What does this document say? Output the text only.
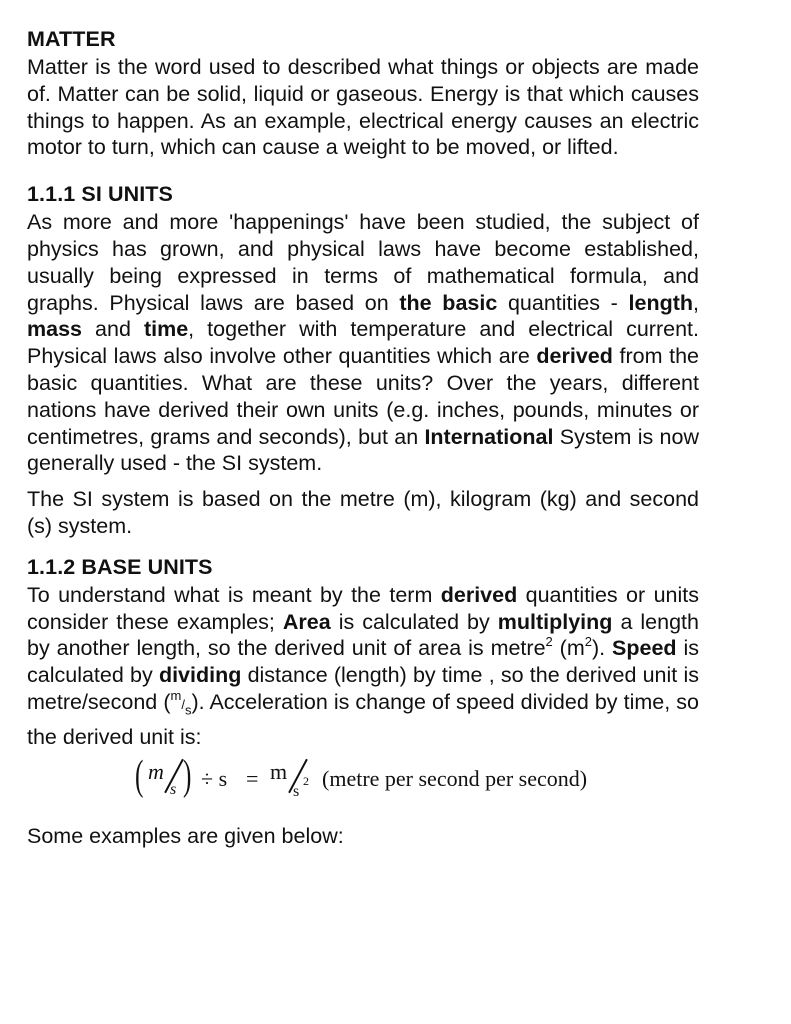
MATTER

Matter is the word used to described what things or objects are made of. Matter can be solid, liquid or gaseous. Energy is that which causes things to happen. As an example, electrical energy causes an electric motor to turn, which can cause a weight to be moved, or lifted.

1.1.1 SI UNITS

As more and more 'happenings' have been studied, the subject of physics has grown, and physical laws have become established, usually being expressed in terms of mathematical formula, and graphs. Physical laws are based on the basic quantities - length, mass and time, together with temperature and electrical current. Physical laws also involve other quantities which are derived from the basic quantities. What are these units? Over the years, different nations have derived their own units (e.g. inches, pounds, minutes or centimetres, grams and seconds), but an International System is now generally used - the SI system.

The SI system is based on the metre (m), kilogram (kg) and second (s) system.

1.1.2 BASE UNITS

To understand what is meant by the term derived quantities or units consider these examples; Area is calculated by multiplying a length by another length, so the derived unit of area is metre$^2$ $(m^2)$. Speed is calculated by dividing distance (length) by time , so the derived unit is metre/second $(^m/_s)$. Acceleration is change of speed divided by time, so the derived unit is:

( m
s ) ÷ s = m
s
2 (metre per second per second)

Some examples are given below:
